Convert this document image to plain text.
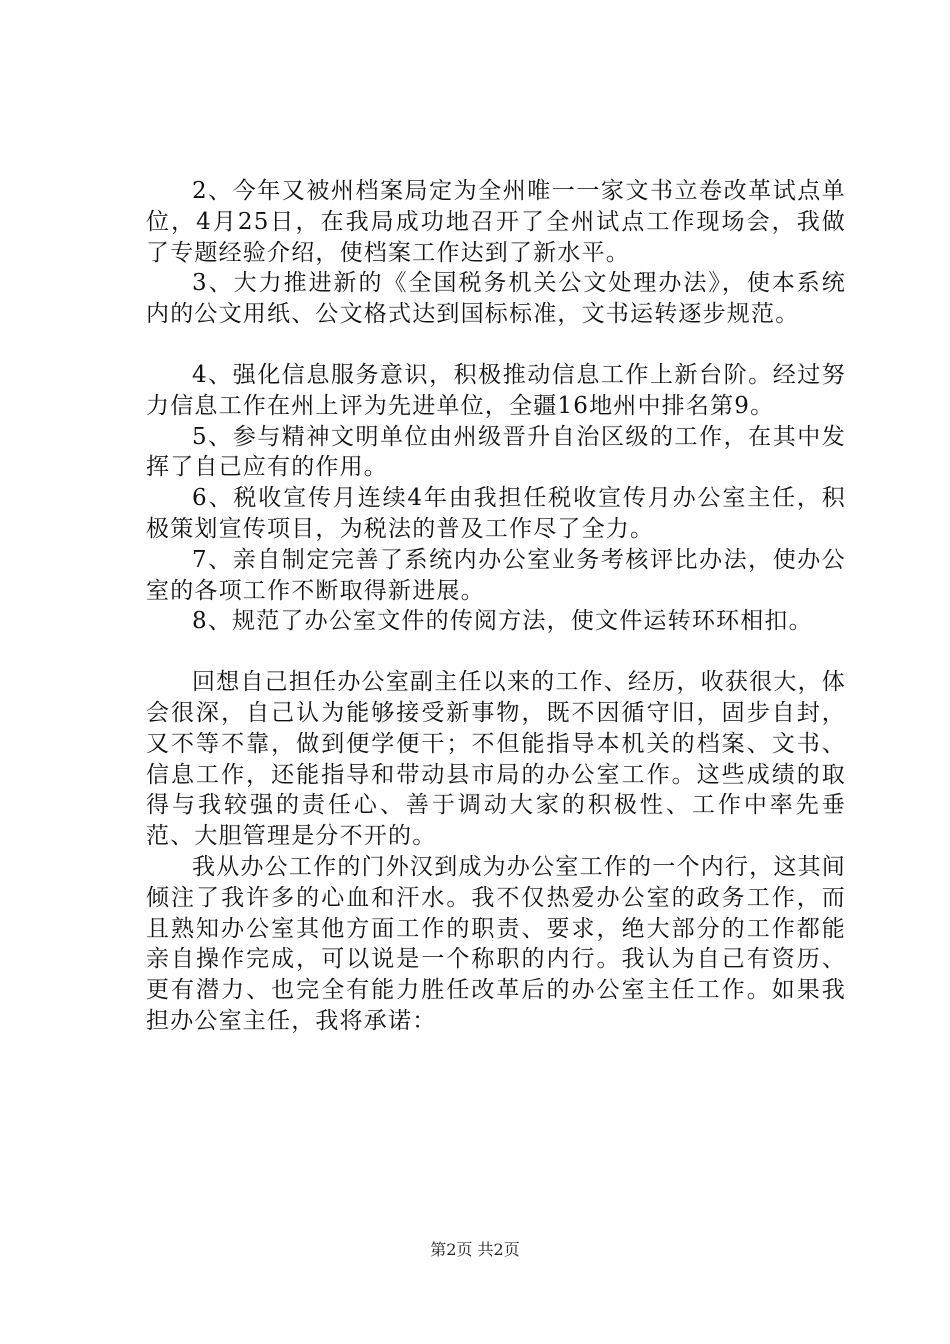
2、今年又被州档案局定为全州唯一一家文书立卷改革试点单位，4月25日，在我局成功地召开了全州试点工作现场会，我做了专题经验介绍，使档案工作达到了新水平。

3、大力推进新的《全国税务机关公文处理办法》，使本系统内的公文用纸、公文格式达到国标标准，文书运转逐步规范。

4、强化信息服务意识，积极推动信息工作上新台阶。经过努力信息工作在州上评为先进单位，全疆16地州中排名第9。

5、参与精神文明单位由州级晋升自治区级的工作，在其中发挥了自己应有的作用。

6、税收宣传月连续4年由我担任税收宣传月办公室主任，积极策划宣传项目，为税法的普及工作尽了全力。

7、亲自制定完善了系统内办公室业务考核评比办法，使办公室的各项工作不断取得新进展。

8、规范了办公室文件的传阅方法，使文件运转环环相扣。

回想自己担任办公室副主任以来的工作、经历，收获很大，体会很深，自己认为能够接受新事物，既不因循守旧，固步自封，又不等不靠，做到便学便干；不但能指导本机关的档案、文书、信息工作，还能指导和带动县市局的办公室工作。这些成绩的取得与我较强的责任心、善于调动大家的积极性、工作中率先垂范、大胆管理是分不开的。

我从办公工作的门外汉到成为办公室工作的一个内行，这其间倾注了我许多的心血和汗水。我不仅热爱办公室的政务工作，而且熟知办公室其他方面工作的职责、要求，绝大部分的工作都能亲自操作完成，可以说是一个称职的内行。我认为自己有资历、更有潜力、也完全有能力胜任改革后的办公室主任工作。如果我担办公室主任，我将承诺：

第2页 共2页
